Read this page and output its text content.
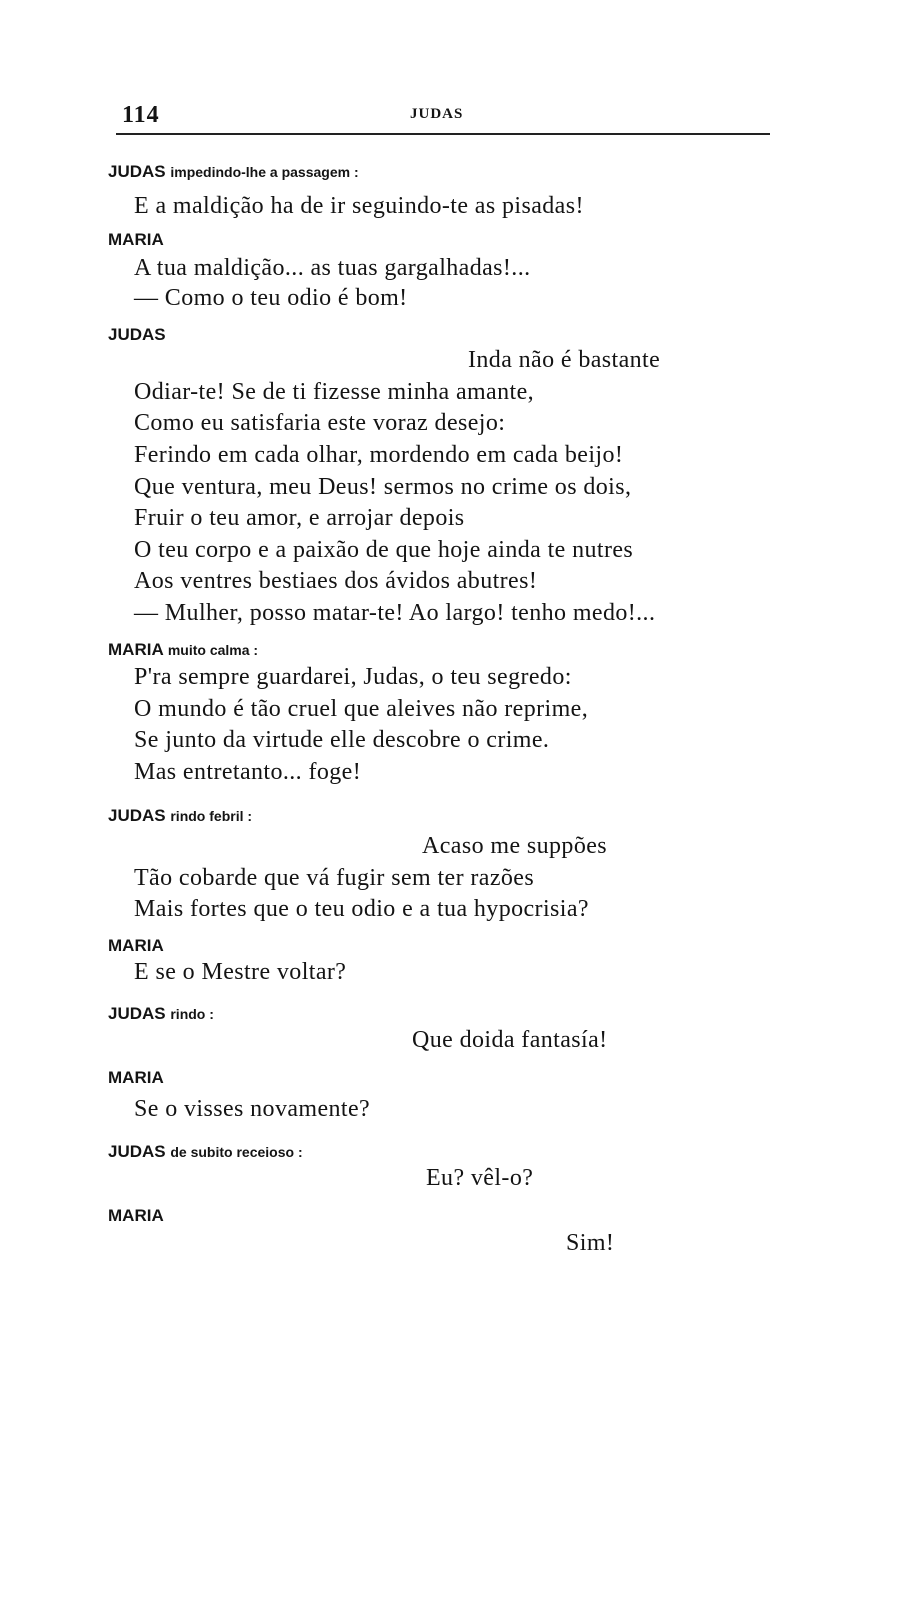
114	JUDAS
JUDAS impedindo-lhe a passagem :
E a maldição ha de ir seguindo-te as pisadas!
MARIA
A tua maldição... as tuas gargalhadas!...
— Como o teu odio é bom!
JUDAS
Inda não é bastante
Odiar-te! Se de ti fizesse minha amante,
Como eu satisfaria este voraz desejo:
Ferindo em cada olhar, mordendo em cada beijo!
Que ventura, meu Deus! sermos no crime os dois,
Fruir o teu amor, e arrojar depois
O teu corpo e a paixão de que hoje ainda te nutres
Aos ventres bestiaes dos ávidos abutres!
— Mulher, posso matar-te! Ao largo! tenho medo!...
MARIA muito calma :
P'ra sempre guardarei, Judas, o teu segredo:
O mundo é tão cruel que aleives não reprime,
Se junto da virtude elle descobre o crime.
Mas entretanto... foge!
JUDAS rindo febril :
Acaso me suppões
Tão cobarde que vá fugir sem ter razões
Mais fortes que o teu odio e a tua hypocrisia?
MARIA
E se o Mestre voltar?
JUDAS rindo :
Que doida fantasía!
MARIA
Se o visses novamente?
JUDAS de subito receioso :
Eu? vêl-o?
MARIA
Sim!
